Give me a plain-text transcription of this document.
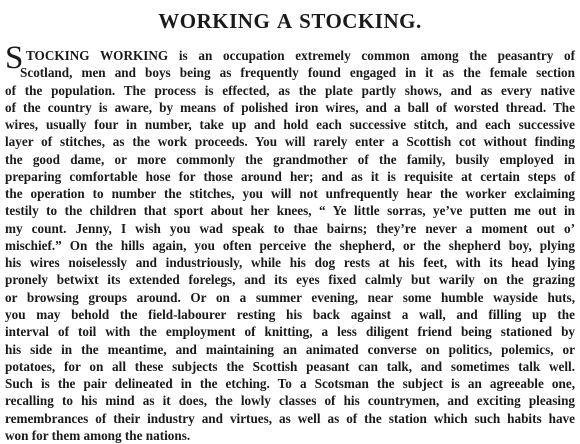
WORKING A STOCKING.
S TOCKING WORKING is an occupation extremely common among the peasantry of
Scotland, men and boys being as frequently found engaged in it as the female section
of the population. The process is effected, as the plate partly shows, and as every native
of the country is aware, by means of polished iron wires, and a ball of worsted thread. The
wires, usually four in number, take up and hold each successive stitch, and each successive
layer of stitches, as the work proceeds. You will rarely enter a Scottish cot without finding
the good dame, or more commonly the grandmother of the family, busily employed in
preparing comfortable hose for those around her; and as it is requisite at certain steps of
the operation to number the stitches, you will not unfrequently hear the worker exclaiming
testily to the children that sport about her knees, “ Ye little sorras, ye’ve putten me out in
my count. Jenny, I wish you wad speak to thae bairns; they’re never a moment out o’
mischief.” On the hills again, you often perceive the shepherd, or the shepherd boy, plying
his wires noiselessly and industriously, while his dog rests at his feet, with its head lying
pronely betwixt its extended forelegs, and its eyes fixed calmly but warily on the grazing
or browsing groups around. Or on a summer evening, near some humble wayside huts,
you may behold the field-labourer resting his back against a wall, and filling up the
interval of toil with the employment of knitting, a less diligent friend being stationed by
his side in the meantime, and maintaining an animated converse on politics, polemics, or
potatoes, for on all these subjects the Scottish peasant can talk, and sometimes talk well.
Such is the pair delineated in the etching. To a Scotsman the subject is an agreeable one,
recalling to his mind as it does, the lowly classes of his countrymen, and exciting pleasing
remembrances of their industry and virtues, as well as of the station which such habits have
won for them among the nations.
